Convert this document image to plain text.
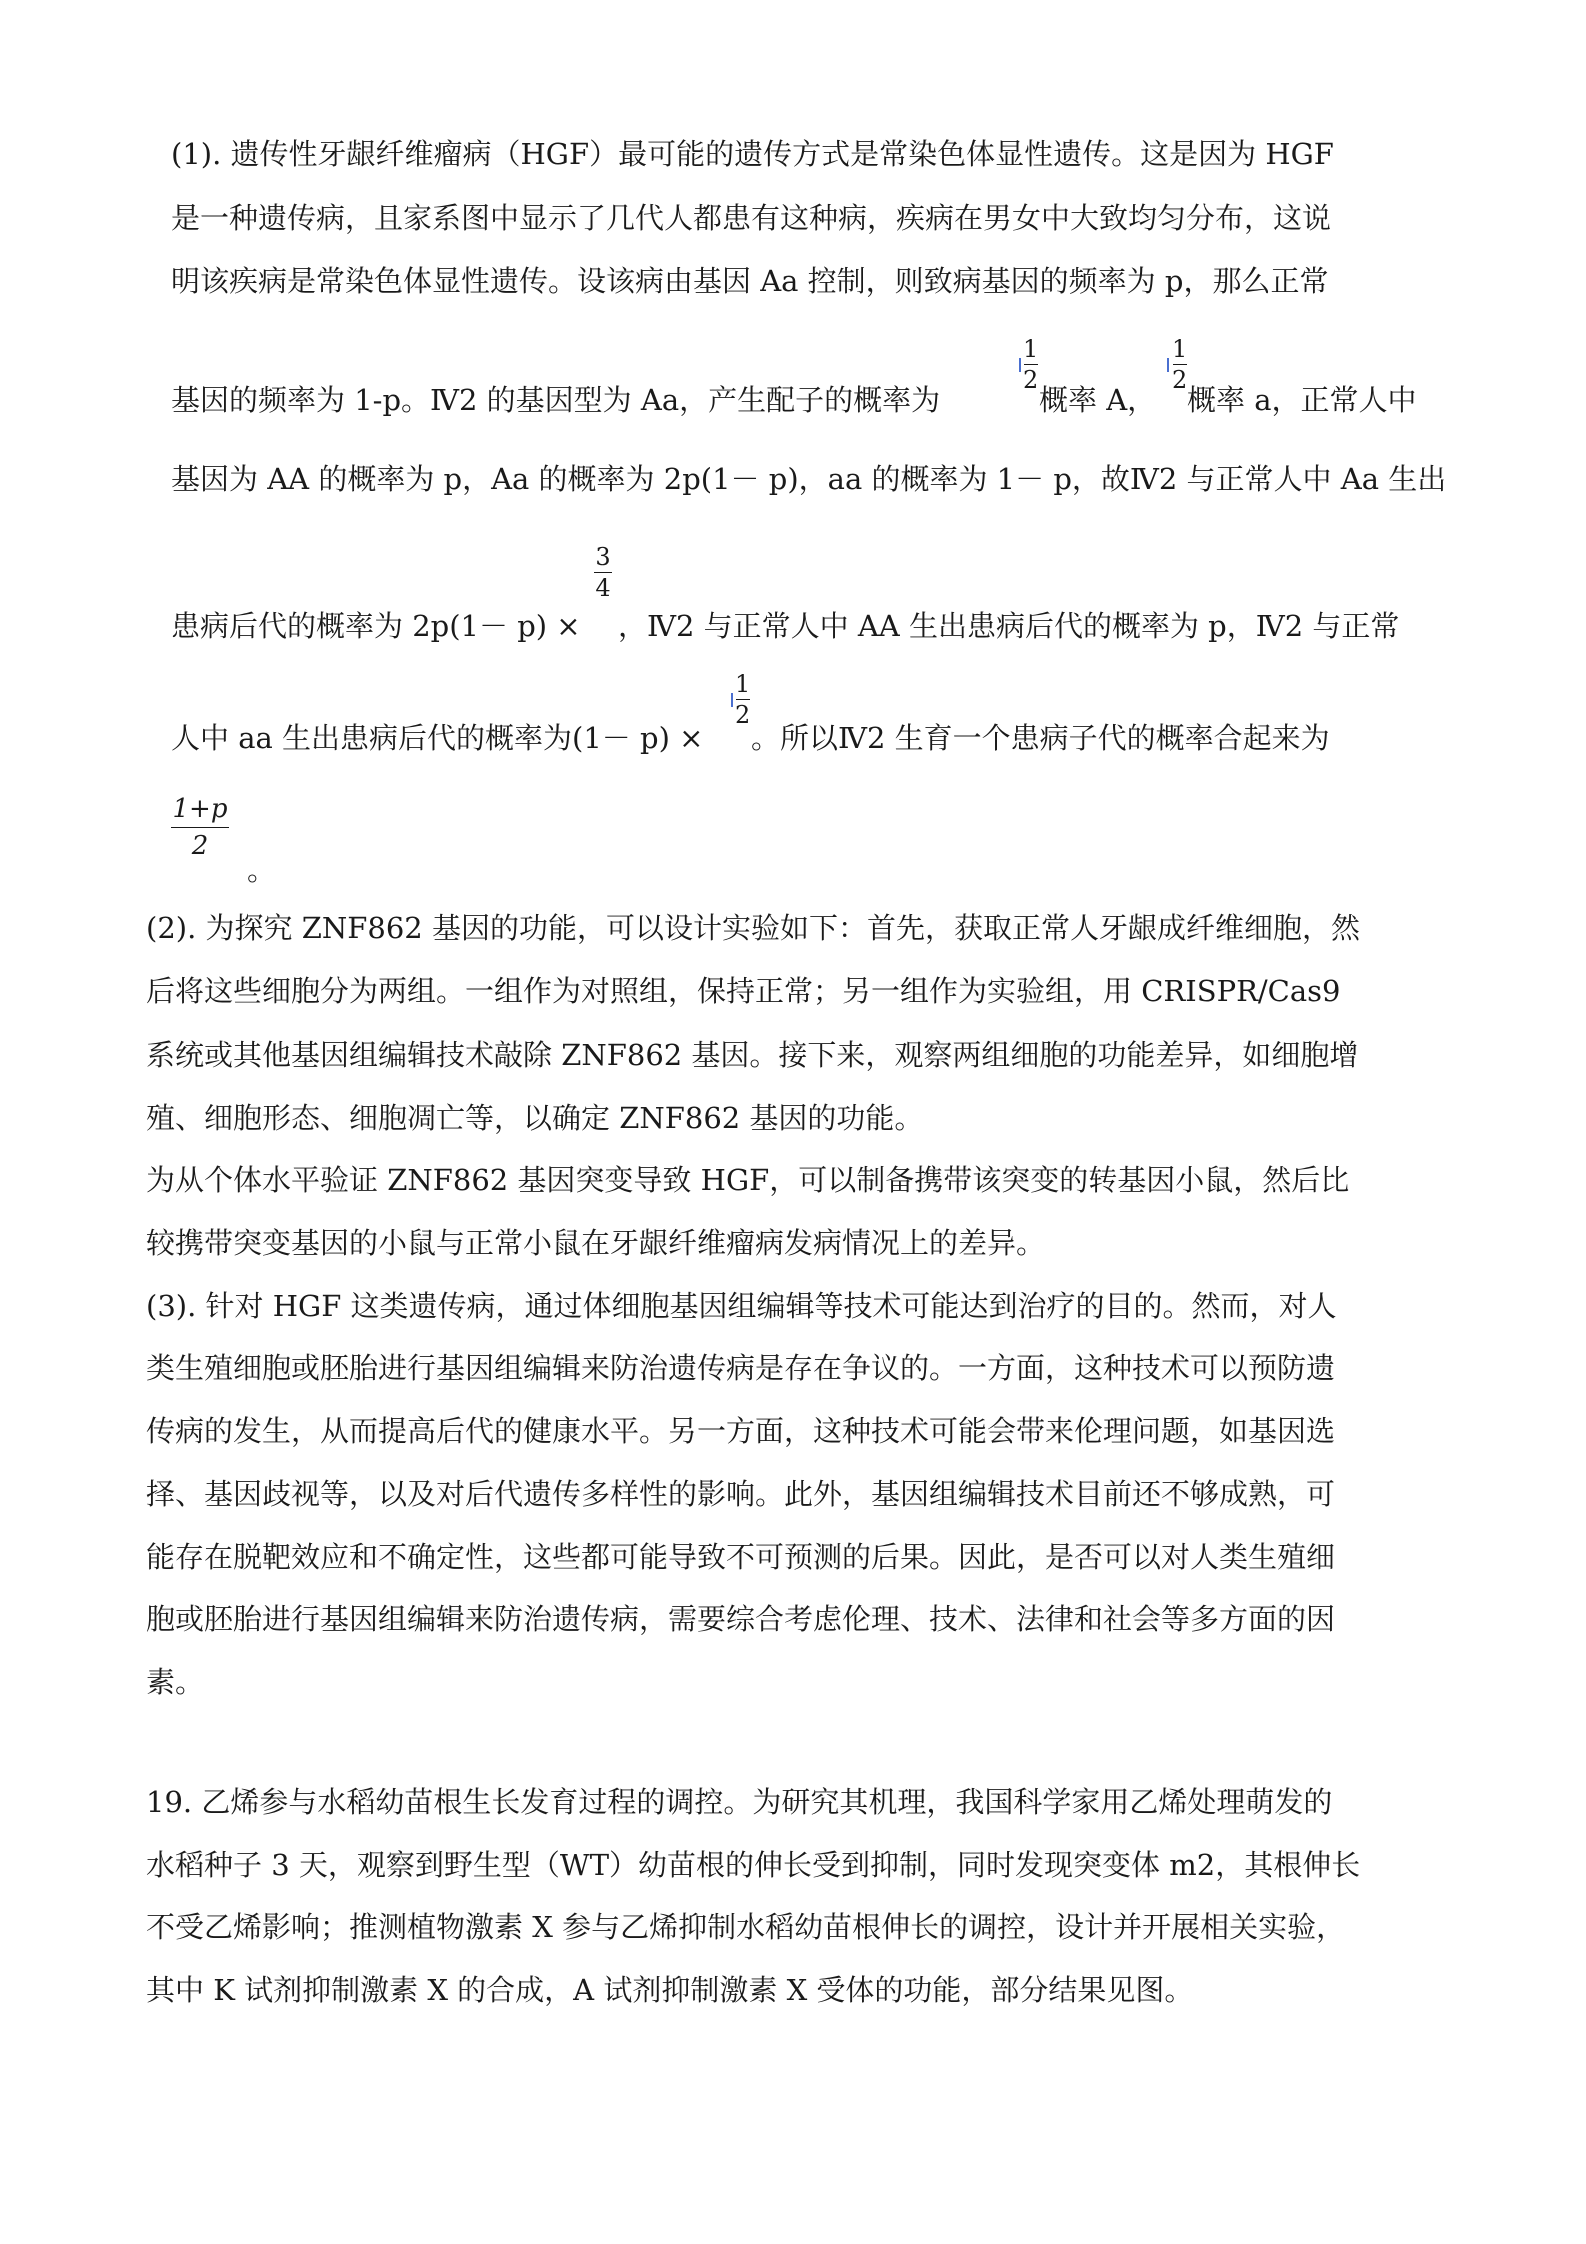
(1). 遗传性牙龈纤维瘤病（HGF）最可能的遗传方式是常染色体显性遗传。这是因为 HGF
是一种遗传病，且家系图中显示了几代人都患有这种病，疾病在男女中大致均匀分布，这说
明该疾病是常染色体显性遗传。设该病由基因 Aa 控制，则致病基因的频率为 p，那么正常
基因的频率为 1-p。Ⅳ2 的基因型为 Aa，产生配子的概率为
1
2
概率 A，
1
2
概率 a，正常人中
基因为 AA 的概率为 p，Aa 的概率为 2p(1－ p)，aa 的概率为 1－ p，故Ⅳ2 与正常人中 Aa 生出
患病后代的概率为 2p(1－ p) ×
3
4
，Ⅳ2 与正常人中 AA 生出患病后代的概率为 p，Ⅳ2 与正常
人中 aa 生出患病后代的概率为(1－ p) ×
1
2
。所以Ⅳ2 生育一个患病子代的概率合起来为
1+p
2
。
(2). 为探究 ZNF862 基因的功能，可以设计实验如下：首先，获取正常人牙龈成纤维细胞，然
后将这些细胞分为两组。一组作为对照组，保持正常；另一组作为实验组，用 CRISPR/Cas9
系统或其他基因组编辑技术敲除 ZNF862 基因。接下来，观察两组细胞的功能差异，如细胞增
殖、细胞形态、细胞凋亡等，以确定 ZNF862 基因的功能。
为从个体水平验证 ZNF862 基因突变导致 HGF，可以制备携带该突变的转基因小鼠，然后比
较携带突变基因的小鼠与正常小鼠在牙龈纤维瘤病发病情况上的差异。
(3). 针对 HGF 这类遗传病，通过体细胞基因组编辑等技术可能达到治疗的目的。然而，对人
类生殖细胞或胚胎进行基因组编辑来防治遗传病是存在争议的。一方面，这种技术可以预防遗
传病的发生，从而提高后代的健康水平。另一方面，这种技术可能会带来伦理问题，如基因选
择、基因歧视等，以及对后代遗传多样性的影响。此外，基因组编辑技术目前还不够成熟，可
能存在脱靶效应和不确定性，这些都可能导致不可预测的后果。因此，是否可以对人类生殖细
胞或胚胎进行基因组编辑来防治遗传病，需要综合考虑伦理、技术、法律和社会等多方面的因
素。
19. 乙烯参与水稻幼苗根生长发育过程的调控。为研究其机理，我国科学家用乙烯处理萌发的
水稻种子 3 天，观察到野生型（WT）幼苗根的伸长受到抑制，同时发现突变体 m2，其根伸长
不受乙烯影响；推测植物激素 X 参与乙烯抑制水稻幼苗根伸长的调控，设计并开展相关实验，
其中 K 试剂抑制激素 X 的合成，A 试剂抑制激素 X 受体的功能，部分结果见图。
